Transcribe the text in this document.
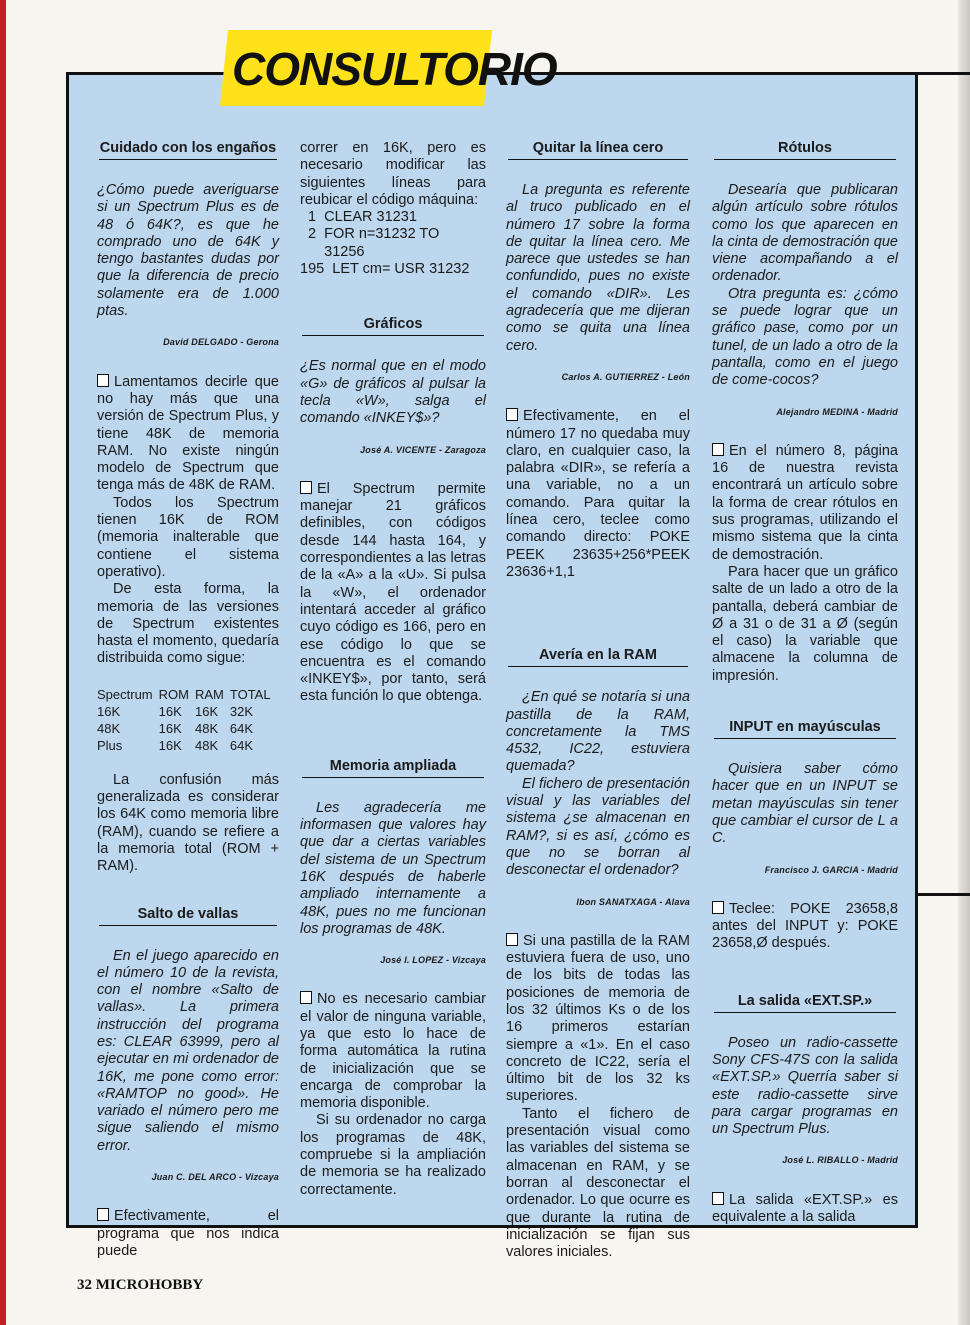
CONSULTORIO
Cuidado con los engaños

¿Cómo puede averiguarse si un Spectrum Plus es de 48 ó 64K?, es que he comprado uno de 64K y tengo bastantes dudas por que la diferencia de precio solamente era de 1.000 ptas.

David DELGADO - Gerona

Lamentamos decirle que no hay más que una versión de Spectrum Plus, y tiene 48K de memoria RAM. No existe ningún modelo de Spectrum que tenga más de 48K de RAM.

Todos los Spectrum tienen 16K de ROM (memoria inalterable que contiene el sistema operativo).

De esta forma, la memoria de las versiones de Spectrum existentes hasta el momento, quedaría distribuida como sigue:

Spectrum	ROM	RAM	TOTAL
16K	16K	16K	32K
48K	16K	48K	64K
Plus	16K	48K	64K

La confusión más generalizada es considerar los 64K como memoria libre (RAM), cuando se refiere a la memoria total (ROM + RAM).

Salto de vallas

En el juego aparecido en el número 10 de la revista, con el nombre «Salto de vallas». La primera instrucción del programa es: CLEAR 63999, pero al ejecutar en mi ordenador de 16K, me pone como error: «RAMTOP no good». He variado el número pero me sigue saliendo el mismo error.

Juan C. DEL ARCO - Vizcaya

Efectivamente, el programa que nos indica puede

correr en 16K, pero es necesario modificar las siguientes líneas para reubicar el código máquina:

1  CLEAR 31231
2  FOR n=31232 TO
31256
195  LET cm= USR 31232
Gráficos

¿Es normal que en el modo «G» de gráficos al pulsar la tecla «W», salga el comando «INKEY$»?

José A. VICENTE - Zaragoza

El Spectrum permite manejar 21 gráficos definibles, con códigos desde 144 hasta 164, y correspondientes a las letras de la «A» a la «U». Si pulsa la «W», el ordenador intentará acceder al gráfico cuyo código es 166, pero en ese código lo que se encuentra es el comando «INKEY$», por tanto, será esta función lo que obtenga.

Memoria ampliada

Les agradecería me informasen que valores hay que dar a ciertas variables del sistema de un Spectrum 16K después de haberle ampliado internamente a 48K, pues no me funcionan los programas de 48K.

José I. LOPEZ - Vizcaya

No es necesario cambiar el valor de ninguna variable, ya que esto lo hace de forma automática la rutina de inicialización que se encarga de comprobar la memoria disponible.

Si su ordenador no carga los programas de 48K, compruebe si la ampliación de memoria se ha realizado correctamente.

Quitar la línea cero

La pregunta es referente al truco publicado en el número 17 sobre la forma de quitar la línea cero. Me parece que ustedes se han confundido, pues no existe el comando «DIR». Les agradecería que me dijeran como se quita una línea cero.

Carlos A. GUTIERREZ - León

Efectivamente, en el número 17 no quedaba muy claro, en cualquier caso, la palabra «DIR», se refería a una variable, no a un comando. Para quitar la línea cero, teclee como comando directo: POKE PEEK 23635+256*PEEK 23636+1,1

Avería en la RAM

¿En qué se notaría si una pastilla de la RAM, concretamente la TMS 4532, IC22, estuviera quemada?

El fichero de presentación visual y las variables del sistema ¿se almacenan en RAM?, si es así, ¿cómo es que no se borran al desconectar el ordenador?

Ibon SANATXAGA - Alava

Si una pastilla de la RAM estuviera fuera de uso, uno de los bits de todas las posiciones de memoria de los 32 últimos Ks o de los 16 primeros estarían siempre a «1». En el caso concreto de IC22, sería el último bit de los 32 ks superiores.

Tanto el fichero de presentación visual como las variables del sistema se almacenan en RAM, y se borran al desconectar el ordenador. Lo que ocurre es que durante la rutina de inicialización se fijan sus valores iniciales.

Rótulos

Desearía que publicaran algún artículo sobre rótulos como los que aparecen en la cinta de demostración que viene acompañando a el ordenador.

Otra pregunta es: ¿cómo se puede lograr que un gráfico pase, como por un tunel, de un lado a otro de la pantalla, como en el juego de come-cocos?

Alejandro MEDINA - Madrid

En el número 8, página 16 de nuestra revista encontrará un artículo sobre la forma de crear rótulos en sus programas, utilizando el mismo sistema que la cinta de demostración.

Para hacer que un gráfico salte de un lado a otro de la pantalla, deberá cambiar de Ø a 31 o de 31 a Ø (según el caso) la variable que almacene la columna de impresión.

INPUT en mayúsculas

Quisiera saber cómo hacer que en un INPUT se metan mayúsculas sin tener que cambiar el cursor de L a C.

Francisco J. GARCIA - Madrid

Teclee: POKE 23658,8 antes del INPUT y: POKE 23658,Ø después.

La salida «EXT.SP.»

Poseo un radio-cassette Sony CFS-47S con la salida «EXT.SP.» Querría saber si este radio-cassette sirve para cargar programas en un Spectrum Plus.

José L. RIBALLO - Madrid

La salida «EXT.SP.» es equivalente a la salida

32 MICROHOBBY
